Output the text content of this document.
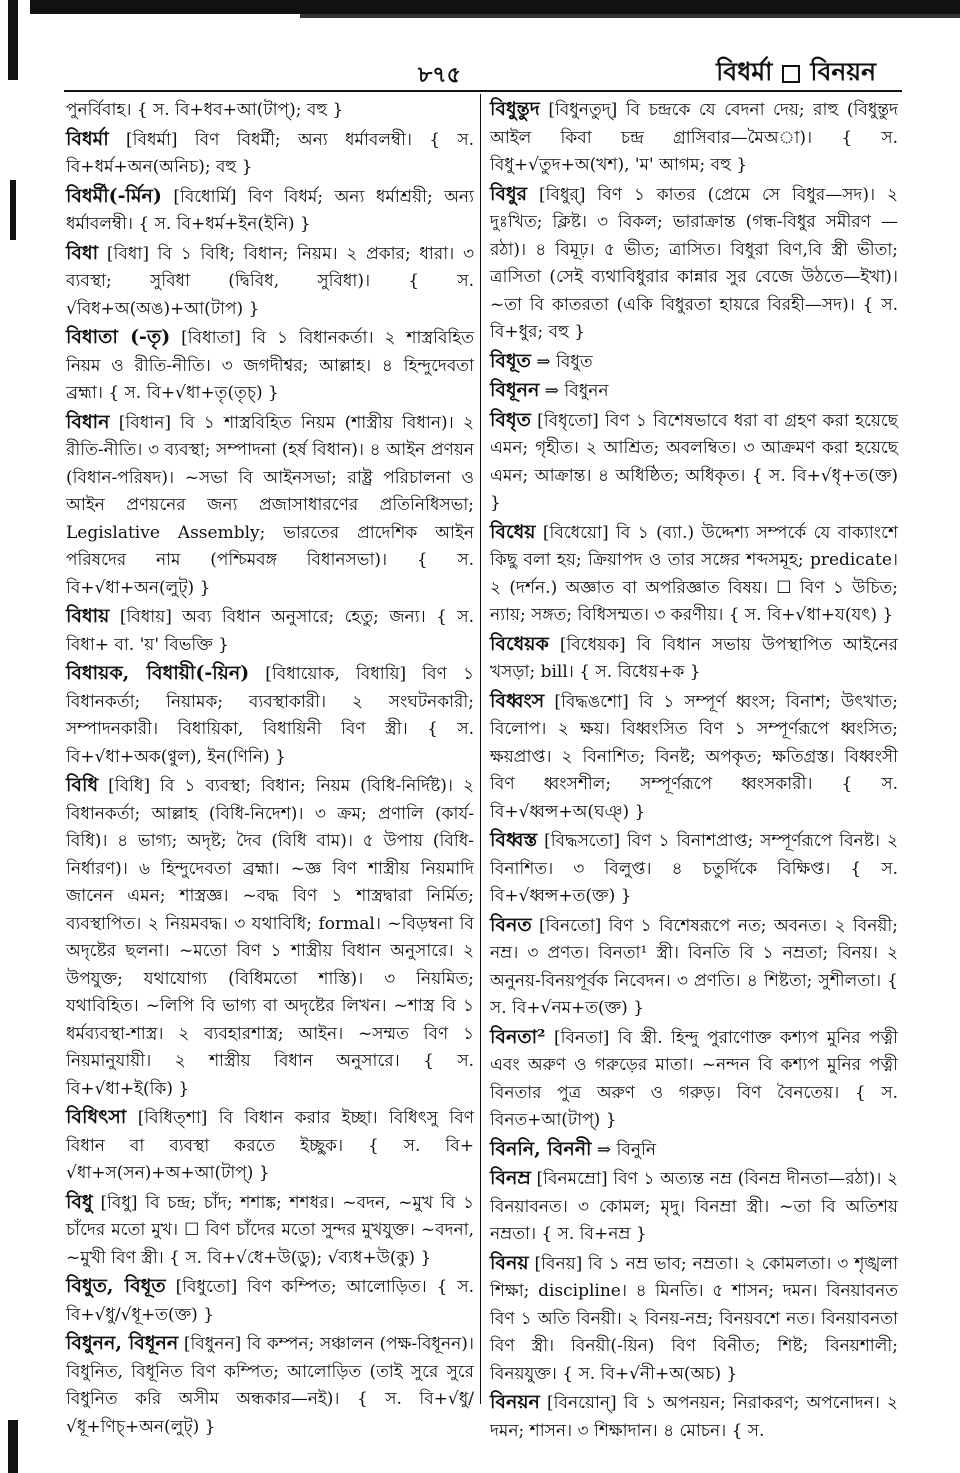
৮৭৫	বিধর্মা বিনয়ন

পুনর্বিবাহ। { স. বি+ধব+আ(টাপ্); বহু }

বিধর্মা [বিধর্মা] বিণ বিধর্মী; অন্য ধর্মাবলম্বী। { স. বি+ধর্ম+অন(অনিচ); বহু }

বিধর্মী(-র্মিন) [বিধোর্মি] বিণ বিধর্ম; অন্য ধর্মাশ্রয়ী; অন্য ধর্মাবলম্বী। { স. বি+ধর্ম+ইন(ইনি) }

বিধা [বিধা] বি ১ বিধি; বিধান; নিয়ম। ২ প্রকার; ধারা। ৩ ব্যবস্থা; সুবিধা (দ্বিবিধ, সুবিধা)। { স. √বিধ+অ(অঙ)+আ(টাপ) }

বিধাতা (-তৃ) [বিধাতা] বি ১ বিধানকর্তা। ২ শাস্ত্রবিহিত নিয়ম ও রীতি-নীতি। ৩ জগদীশ্বর; আল্লাহ। ৪ হিন্দুদেবতা ব্রহ্মা। { স. বি+√ধা+তৃ(তৃচ্) }

বিধান [বিধান] বি ১ শাস্ত্রবিহিত নিয়ম (শাস্ত্রীয় বিধান)। ২ রীতি-নীতি। ৩ ব্যবস্থা; সম্পাদনা (হর্ষ বিধান)। ৪ আইন প্রণয়ন (বিধান-পরিষদ)। ~সভা বি আইনসভা; রাষ্ট্র পরিচালনা ও আইন প্রণয়নের জন্য প্রজাসাধারণের প্রতিনিধিসভা; Legislative Assembly; ভারতের প্রাদেশিক আইন পরিষদের নাম (পশ্চিমবঙ্গ বিধানসভা)। { স. বি+√ধা+অন(লুট্) }

বিধায় [বিধায়] অব্য বিধান অনুসারে; হেতু; জন্য। { স. বিধা+ বা. 'য়' বিভক্তি }

বিধায়ক, বিধায়ী(-য়িন) [বিধায়োক, বিধায়ি] বিণ ১ বিধানকর্তা; নিয়ামক; ব্যবস্থাকারী। ২ সংঘটনকারী; সম্পাদনকারী। বিধায়িকা, বিধায়িনী বিণ স্ত্রী। { স. বি+√ধা+অক(ণ্বুল), ইন(ণিনি) }

বিধি [বিধি] বি ১ ব্যবস্থা; বিধান; নিয়ম (বিধি-নির্দিষ্ট)। ২ বিধানকর্তা; আল্লাহ (বিধি-নিদেশ)। ৩ ক্রম; প্রণালি (কার্য-বিধি)। ৪ ভাগ্য; অদৃষ্ট; দৈব (বিধি বাম)। ৫ উপায় (বিধি-নির্ধারণ)। ৬ হিন্দুদেবতা ব্রহ্মা। ~জ্ঞ বিণ শাস্ত্রীয় নিয়মাদি জানেন এমন; শাস্ত্রজ্ঞ। ~বদ্ধ বিণ ১ শাস্ত্রদ্বারা নির্মিত; ব্যবস্থাপিত। ২ নিয়মবদ্ধ। ৩ যথাবিধি; formal। ~বিড়ম্বনা বি অদৃষ্টের ছলনা। ~মতো বিণ ১ শাস্ত্রীয় বিধান অনুসারে। ২ উপযুক্ত; যথাযোগ্য (বিধিমতো শাস্তি)। ৩ নিয়মিত; যথাবিহিত। ~লিপি বি ভাগ্য বা অদৃষ্টের লিখন। ~শাস্ত্র বি ১ ধর্মব্যবস্থা-শাস্ত্র। ২ ব্যবহারশাস্ত্র; আইন। ~সম্মত বিণ ১ নিয়মানুযায়ী। ২ শাস্ত্রীয় বিধান অনুসারে। { স. বি+√ধা+ই(কি) }

বিধিৎসা [বিধিত্শা] বি বিধান করার ইচ্ছা। বিধিৎসু বিণ বিধান বা ব্যবস্থা করতে ইচ্ছুক। { স. বি+ √ধা+স(সন)+অ+আ(টাপ্) }

বিধু [বিধু] বি চন্দ্র; চাঁদ; শশাঙ্ক; শশধর। ~বদন, ~মুখ বি ১ চাঁদের মতো মুখ। ☐ বিণ চাঁদের মতো সুন্দর মুখযুক্ত। ~বদনা, ~মুখী বিণ স্ত্রী। { স. বি+√ধে+উ(ডু); √ব্যধ+উ(কু) }

বিধুত, বিধূত [বিধুতো] বিণ কম্পিত; আলোড়িত। { স. বি+√ধু/√ধূ+ত(ক্ত) }

বিধুনন, বিধূনন [বিধুনন] বি কম্পন; সঞ্চালন (পক্ষ-বিধূনন)। বিধুনিত, বিধূনিত বিণ কম্পিত; আলোড়িত (তাই সুরে সুরে বিধুনিত করি অসীম অন্ধকার—নই)। { স. বি+√ধু/√ধূ+ণিচ্+অন(লুট্) }

বিধুন্তুদ [বিধুনতুদ্] বি চন্দ্রকে যে বেদনা দেয়; রাহু (বিধুন্তুদ আইল কিবা চন্দ্র গ্রাসিবার—মৈঅা)। { স. বিধু+√তুদ+অ(খশ), 'ম' আগম; বহু }

বিধুর [বিধুর্] বিণ ১ কাতর (প্রেমে সে বিধুর—সদ)। ২ দুঃখিত; ক্লিষ্ট। ৩ বিকল; ভারাক্রান্ত (গন্ধ-বিধুর সমীরণ —রঠা)। ৪ বিমূঢ়। ৫ ভীত; ত্রাসিত। বিধুরা বিণ,বি স্ত্রী ভীতা; ত্রাসিতা (সেই ব্যথাবিধুরার কান্নার সুর বেজে উঠতে—ইখা)। ~তা বি কাতরতা (একি বিধুরতা হায়রে বিরহী—সদ)। { স. বি+ধুর; বহু }

বিধূত ⇒ বিধুত

বিধূনন ⇒ বিধুনন

বিধৃত [বিধৃতো] বিণ ১ বিশেষভাবে ধরা বা গ্রহণ করা হয়েছে এমন; গৃহীত। ২ আশ্রিত; অবলম্বিত। ৩ আক্রমণ করা হয়েছে এমন; আক্রান্ত। ৪ অধিষ্ঠিত; অধিকৃত। { স. বি+√ধৃ+ত(ক্ত) }

বিধেয় [বিধেয়ো] বি ১ (ব্যা.) উদ্দেশ্য সম্পর্কে যে বাক্যাংশে কিছু বলা হয়; ক্রিয়াপদ ও তার সঙ্গের শব্দসমূহ; predicate। ২ (দর্শন.) অজ্ঞাত বা অপরিজ্ঞাত বিষয়। ☐ বিণ ১ উচিত; ন্যায়; সঙ্গত; বিধিসম্মত। ৩ করণীয়। { স. বি+√ধা+য(যৎ) }

বিধেয়ক [বিধেয়ক] বি বিধান সভায় উপস্থাপিত আইনের খসড়া; bill। { স. বিধেয়+ক }

বিধ্বংস [বিদ্ধঙশো] বি ১ সম্পূর্ণ ধ্বংস; বিনাশ; উৎখাত; বিলোপ। ২ ক্ষয়। বিধ্বংসিত বিণ ১ সম্পূর্ণরূপে ধ্বংসিত; ক্ষয়প্রাপ্ত। ২ বিনাশিত; বিনষ্ট; অপকৃত; ক্ষতিগ্রস্ত। বিধ্বংসী বিণ ধ্বংসশীল; সম্পূর্ণরূপে ধ্বংসকারী। { স. বি+√ধ্বন্স+অ(ঘঞ্) }

বিধ্বস্ত [বিদ্ধসতো] বিণ ১ বিনাশপ্রাপ্ত; সম্পূর্ণরূপে বিনষ্ট। ২ বিনাশিত। ৩ বিলুপ্ত। ৪ চতুর্দিকে বিক্ষিপ্ত। { স. বি+√ধ্বন্স+ত(ক্ত) }

বিনত [বিনতো] বিণ ১ বিশেষরূপে নত; অবনত। ২ বিনয়ী; নম্র। ৩ প্রণত। বিনতা¹ স্ত্রী। বিনতি বি ১ নম্রতা; বিনয়। ২ অনুনয়-বিনয়পূর্বক নিবেদন। ৩ প্রণতি। ৪ শিষ্টতা; সুশীলতা। { স. বি+√নম+ত(ক্ত) }

বিনতা² [বিনতা] বি স্ত্রী. হিন্দু পুরাণোক্ত কশ্যপ মুনির পত্নী এবং অরুণ ও গরুড়ের মাতা। ~নন্দন বি কশ্যপ মুনির পত্নী বিনতার পুত্র অরুণ ও গরুড়। বিণ বৈনতেয়। { স. বিনত+আ(টাপ্) }

বিননি, বিননী ⇒ বিনুনি

বিনম্র [বিনমম্রো] বিণ ১ অত্যন্ত নম্র (বিনম্র দীনতা—রঠা)। ২ বিনয়াবনত। ৩ কোমল; মৃদু। বিনম্রা স্ত্রী। ~তা বি অতিশয় নম্রতা। { স. বি+নম্র }

বিনয় [বিনয়] বি ১ নম্র ভাব; নম্রতা। ২ কোমলতা। ৩ শৃঙ্খলা শিক্ষা; discipline। ৪ মিনতি। ৫ শাসন; দমন। বিনয়াবনত বিণ ১ অতি বিনয়ী। ২ বিনয়-নম্র; বিনয়বশে নত। বিনয়াবনতা বিণ স্ত্রী। বিনয়ী(-য়িন) বিণ বিনীত; শিষ্ট; বিনয়শালী; বিনয়যুক্ত। { স. বি+√নী+অ(অচ) }

বিনয়ন [বিনয়োন্] বি ১ অপনয়ন; নিরাকরণ; অপনোদন। ২ দমন; শাসন। ৩ শিক্ষাদান। ৪ মোচন। { স.
